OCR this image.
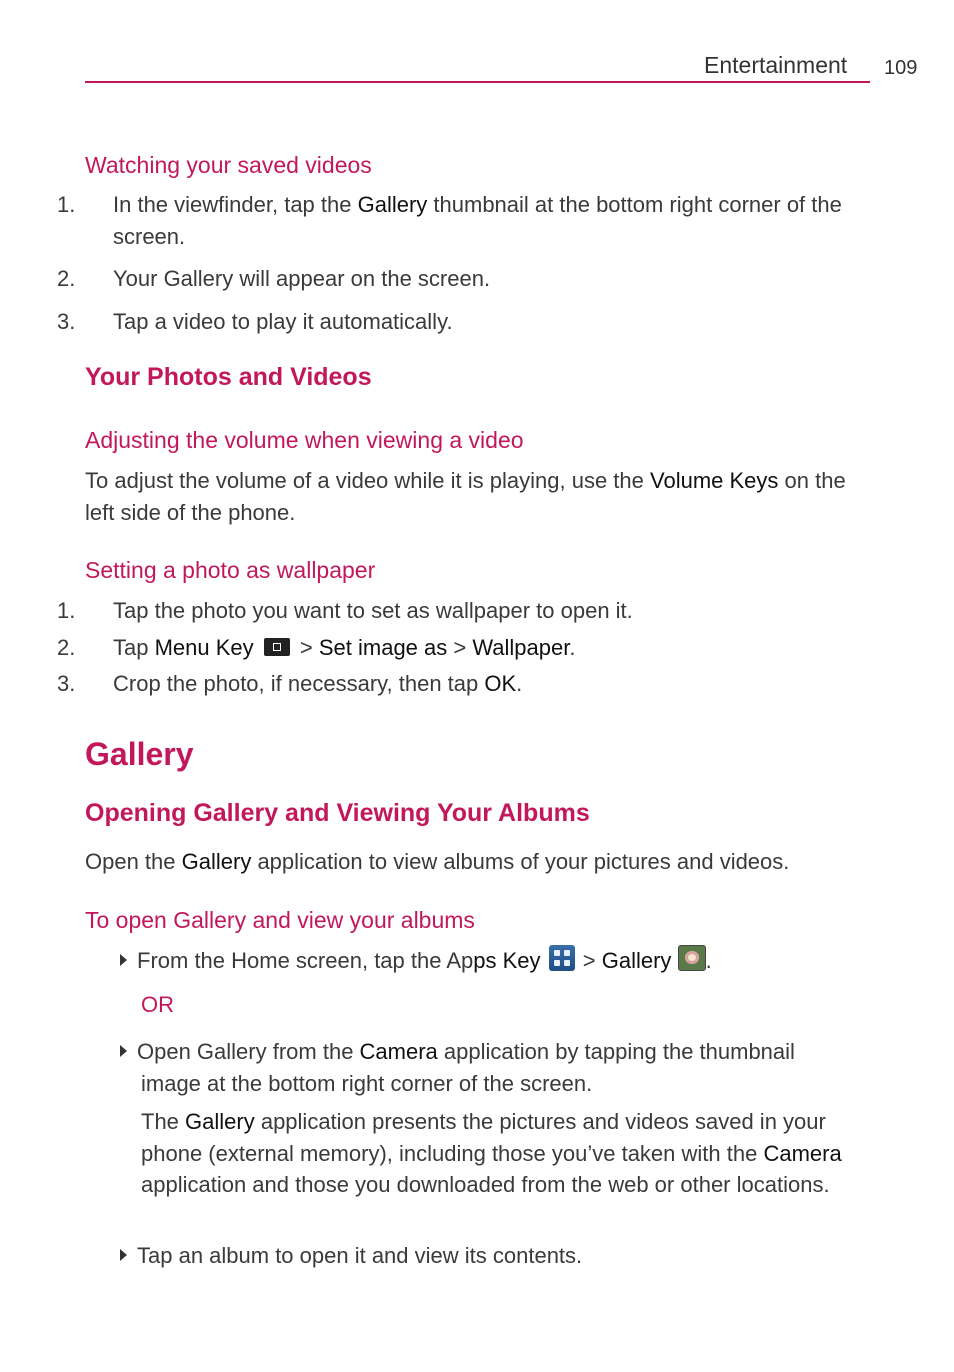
Entertainment 109
Watching your saved videos
1. In the viewfinder, tap the Gallery thumbnail at the bottom right corner of the screen.
2. Your Gallery will appear on the screen.
3. Tap a video to play it automatically.
Your Photos and Videos
Adjusting the volume when viewing a video
To adjust the volume of a video while it is playing, use the Volume Keys on the left side of the phone.
Setting a photo as wallpaper
1. Tap the photo you want to set as wallpaper to open it.
2. Tap Menu Key  > Set image as > Wallpaper.
3. Crop the photo, if necessary, then tap OK.
Gallery
Opening Gallery and Viewing Your Albums
Open the Gallery application to view albums of your pictures and videos.
To open Gallery and view your albums
From the Home screen, tap the Apps Key
> Gallery .
OR
Open Gallery from the Camera application by tapping the thumbnail image at the bottom right corner of the screen.
The Gallery application presents the pictures and videos saved in your phone (external memory), including those you’ve taken with the Camera application and those you downloaded from the web or other locations.
Tap an album to open it and view its contents.
